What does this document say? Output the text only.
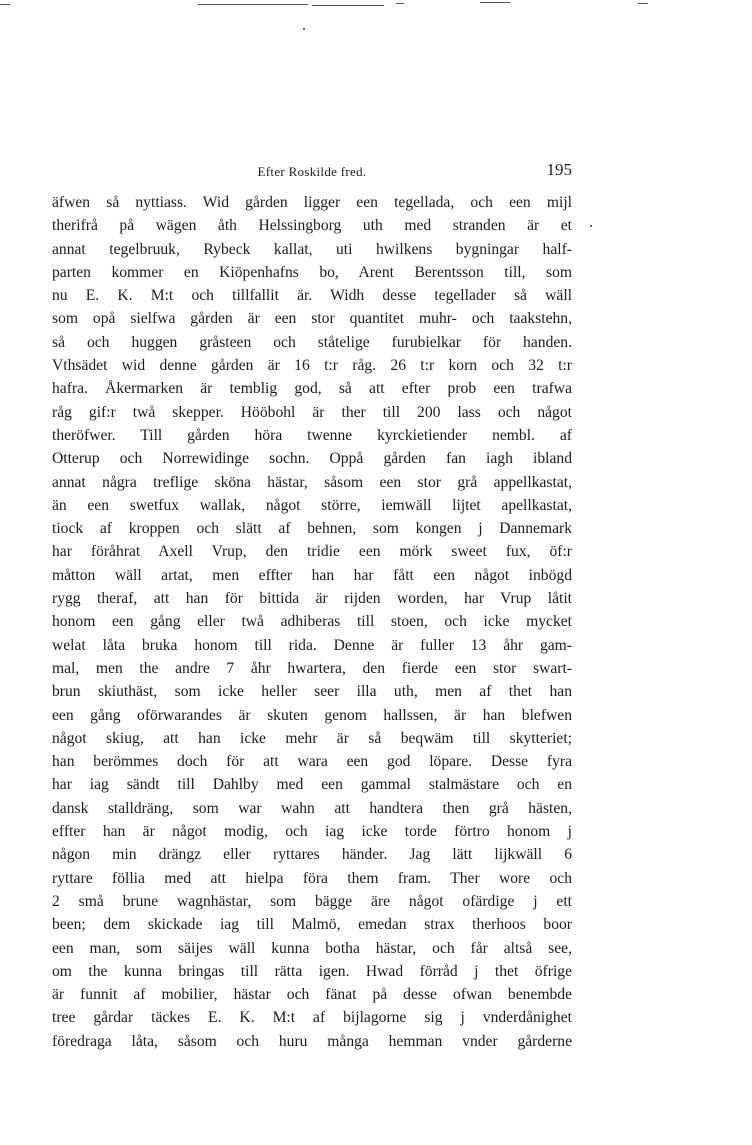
Efter Roskilde fred.	195
äfwen så nyttiass. Wid gården ligger een tegellada, och een mijl
therifrå på wägen åth Helssingborg uth med stranden är et
annat tegelbruuk, Rybeck kallat, uti hwilkens bygningar half-
parten kommer en Kiöpenhafns bo, Arent Berentsson till, som
nu E. K. M:t och tillfallit är. Widh desse tegellader så wäll
som opå sielfwa gården är een stor quantitet muhr- och taakstehn,
så och huggen gråsteen och ståtelige furubielkar för handen.
Vthsädet wid denne gården är 16 t:r råg. 26 t:r korn och 32 t:r
hafra. Åkermarken är temblig god, så att efter prob een trafwa
råg gif:r twå skepper. Hööbohl är ther till 200 lass och något
theröfwer. Till gården höra twenne kyrckietiender nembl. af
Otterup och Norrewidinge sochn. Oppå gården fan iagh ibland
annat några treflige sköna hästar, såsom een stor grå appellkastat,
än een swetfux wallak, något större, iemwäll lijtet apellkastat,
tiock af kroppen och slätt af behnen, som kongen j Dannemark
har föråhrat Axell Vrup, den tridie een mörk sweet fux, öf:r
måtton wäll artat, men effter han har fått een något inbögd
rygg theraf, att han för bittida är rijden worden, har Vrup låtit
honom een gång eller twå adhiberas till stoen, och icke mycket
welat låta bruka honom till rida. Denne är fuller 13 åhr gam-
mal, men the andre 7 åhr hwartera, den fierde een stor swart-
brun skiuthäst, som icke heller seer illa uth, men af thet han
een gång oförwarandes är skuten genom hallssen, är han blefwen
något skiug, att han icke mehr är så beqwäm till skytteriet;
han berömmes doch för att wara een god löpare. Desse fyra
har iag sändt till Dahlby med een gammal stalmästare och en
dansk stalldräng, som war wahn att handtera then grå hästen,
effter han är något modig, och iag icke torde förtro honom j
någon min drängz eller ryttares händer. Jag lätt lijkwäll 6
ryttare föllia med att hielpa föra them fram. Ther wore och
2 små brune wagnhästar, som bägge äre något ofärdige j ett
been; dem skickade iag till Malmö, emedan strax therhoos boor
een man, som säijes wäll kunna botha hästar, och får altså see,
om the kunna bringas till rätta igen. Hwad förråd j thet öfrige
är funnit af mobilier, hästar och fänat på desse ofwan benembde
tree gårdar täckes E. K. M:t af bijlagorne sig j vnderdånighet
föredraga låta, såsom och huru många hemman vnder gårderne
